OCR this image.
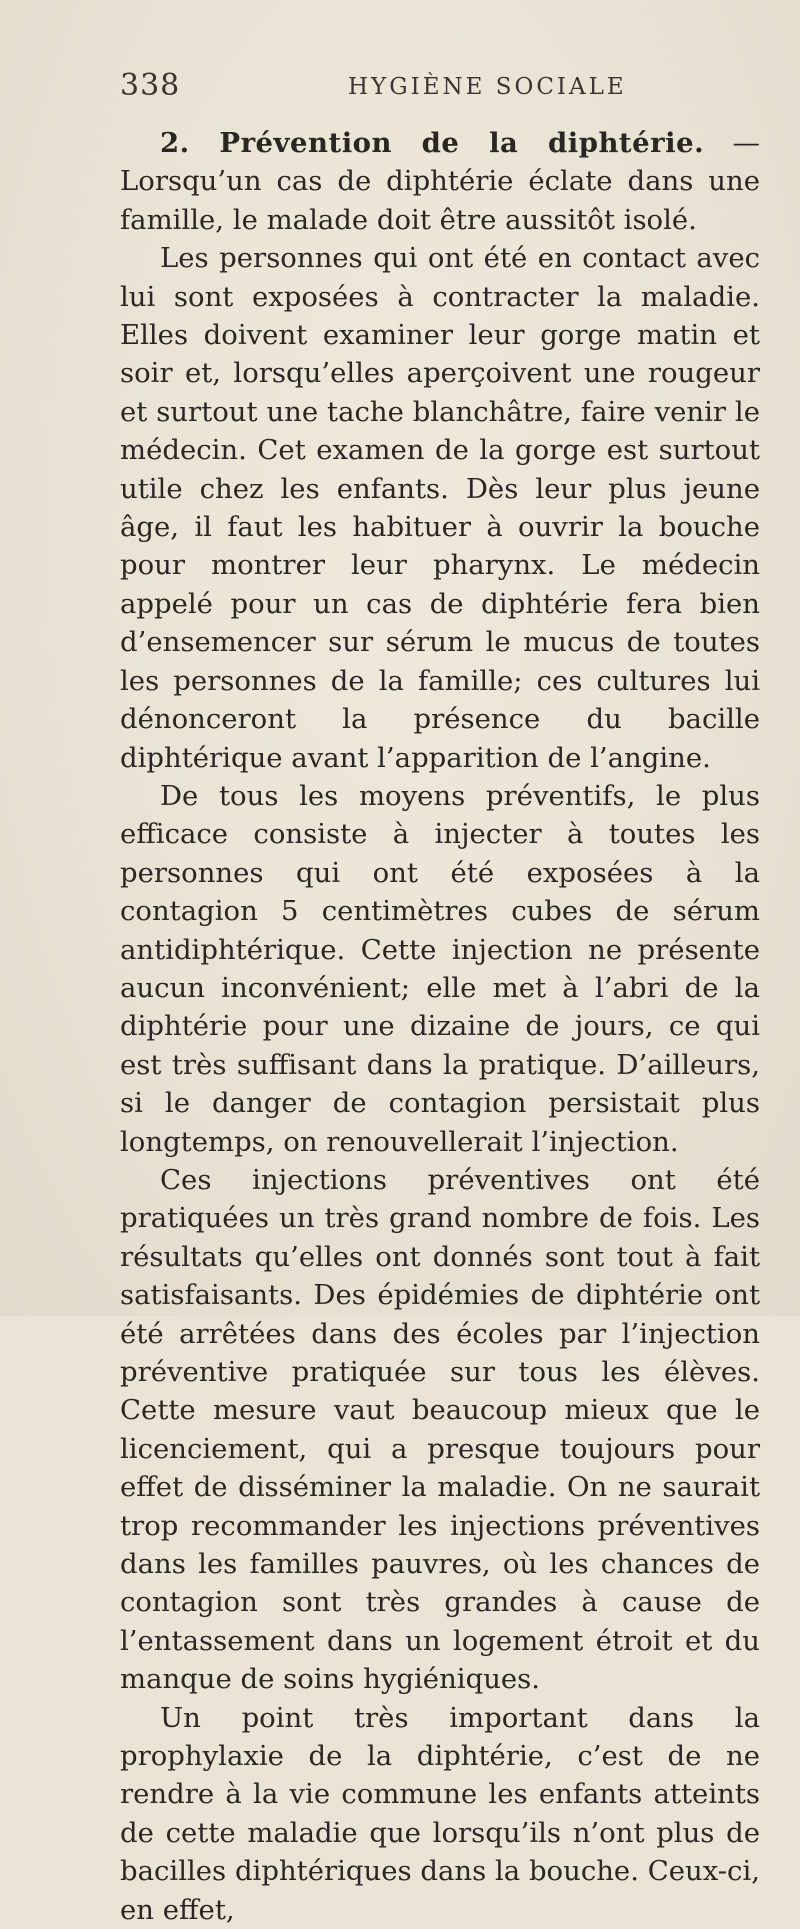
338	HYGIÈNE SOCIALE

2. Prévention de la diphtérie. — Lorsqu’un cas de diphtérie éclate dans une famille, le malade doit être aussitôt isolé.

Les personnes qui ont été en contact avec lui sont exposées à contracter la maladie. Elles doivent examiner leur gorge matin et soir et, lorsqu’elles aperçoivent une rougeur et surtout une tache blanchâtre, faire venir le médecin. Cet examen de la gorge est surtout utile chez les enfants. Dès leur plus jeune âge, il faut les habituer à ouvrir la bouche pour montrer leur pharynx. Le médecin appelé pour un cas de diphtérie fera bien d’ensemencer sur sérum le mucus de toutes les personnes de la famille; ces cultures lui dénonceront la présence du bacille diphtérique avant l’apparition de l’angine.

De tous les moyens préventifs, le plus efficace consiste à injecter à toutes les personnes qui ont été exposées à la contagion 5 centimètres cubes de sérum antidiphtérique. Cette injection ne présente aucun inconvénient; elle met à l’abri de la diphtérie pour une dizaine de jours, ce qui est très suffisant dans la pratique. D’ailleurs, si le danger de contagion persistait plus longtemps, on renouvellerait l’injection.

Ces injections préventives ont été pratiquées un très grand nombre de fois. Les résultats qu’elles ont donnés sont tout à fait satisfaisants. Des épidémies de diphtérie ont été arrêtées dans des écoles par l’injection préventive pratiquée sur tous les élèves. Cette mesure vaut beaucoup mieux que le licenciement, qui a presque toujours pour effet de disséminer la maladie. On ne saurait trop recommander les injections préventives dans les familles pauvres, où les chances de contagion sont très grandes à cause de l’entassement dans un logement étroit et du manque de soins hygiéniques.

Un point très important dans la prophylaxie de la diphtérie, c’est de ne rendre à la vie commune les enfants atteints de cette maladie que lorsqu’ils n’ont plus de bacilles diphtériques dans la bouche. Ceux-ci, en effet,
